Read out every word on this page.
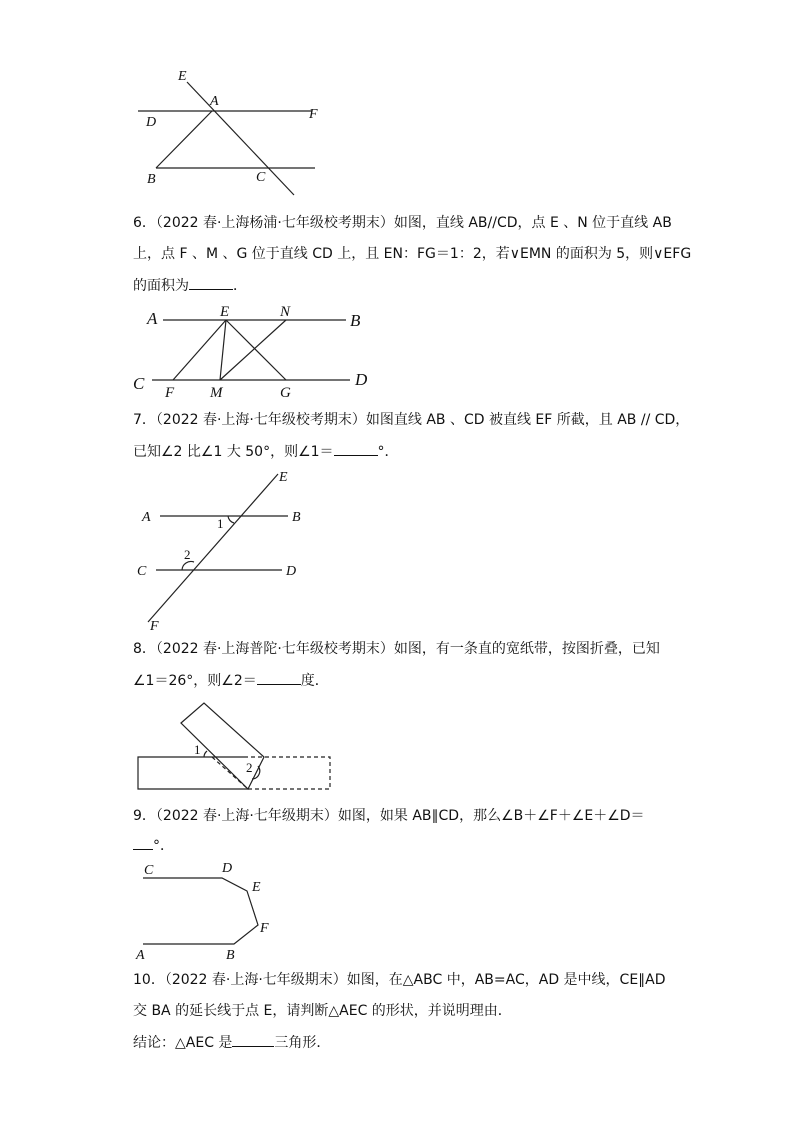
E
A
F
D
B	C
6．（2022 春·上海杨浦·七年级校考期末）如图，直线 AB//CD，点 E 、N 位于直线 AB
上，点 F 、M 、G 位于直线 CD 上，且 EN：FG＝1：2，若∨EMN 的面积为 5，则∨EFG
的面积为	．
A	E	N	B
C F M	G
D
7．（2022 春·上海·七年级校考期末）如图直线 AB 、CD 被直线 EF 所截，且 AB // CD，
已知∠2 比∠1 大 50°，则∠1＝	°．
E
A	1	B
2
C	D
F
8．（2022 春·上海普陀·七年级校考期末）如图，有一条直的宽纸带，按图折叠，已知
∠1＝26°，则∠2＝	度．
1
2
9．（2022 春·上海·七年级期末）如图，如果 AB∥CD，那么∠B＋∠F＋∠E＋∠D＝
°．
C	D
E
F
A	B
10．（2022 春·上海·七年级期末）如图，在△ABC 中，AB=AC，AD 是中线，CE∥AD
交 BA 的延长线于点 E，请判断△AEC 的形状，并说明理由．
结论：△AEC 是	三角形．
